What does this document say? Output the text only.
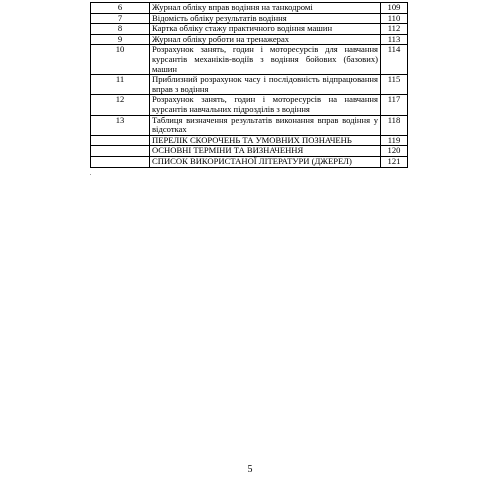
6	Журнал обліку вправ водіння на танкодромі	109
7	Відомість обліку результатів водіння	110
8	Картка обліку стажу практичного водіння машин	112
9	Журнал обліку роботи на тренажерах	113
10	Розрахунок занять, годин і моторесурсів для навчання курсантів механіків-водіїв з водіння бойових (базових) машин	114
11	Приблизний розрахунок часу і послідовність відпрацювання вправ з водіння	115
12	Розрахунок занять, годин і моторесурсів на навчання курсантів навчальних підрозділів з водіння	117
13	Таблиця визначення результатів виконання вправ водіння у відсотках	118
	ПЕРЕЛІК СКОРОЧЕНЬ ТА УМОВНИХ ПОЗНАЧЕНЬ	119
	ОСНОВНІ ТЕРМІНИ ТА ВИЗНАЧЕННЯ	120
	СПИСОК ВИКОРИСТАНОЇ ЛІТЕРАТУРИ (ДЖЕРЕЛ)	121
5
